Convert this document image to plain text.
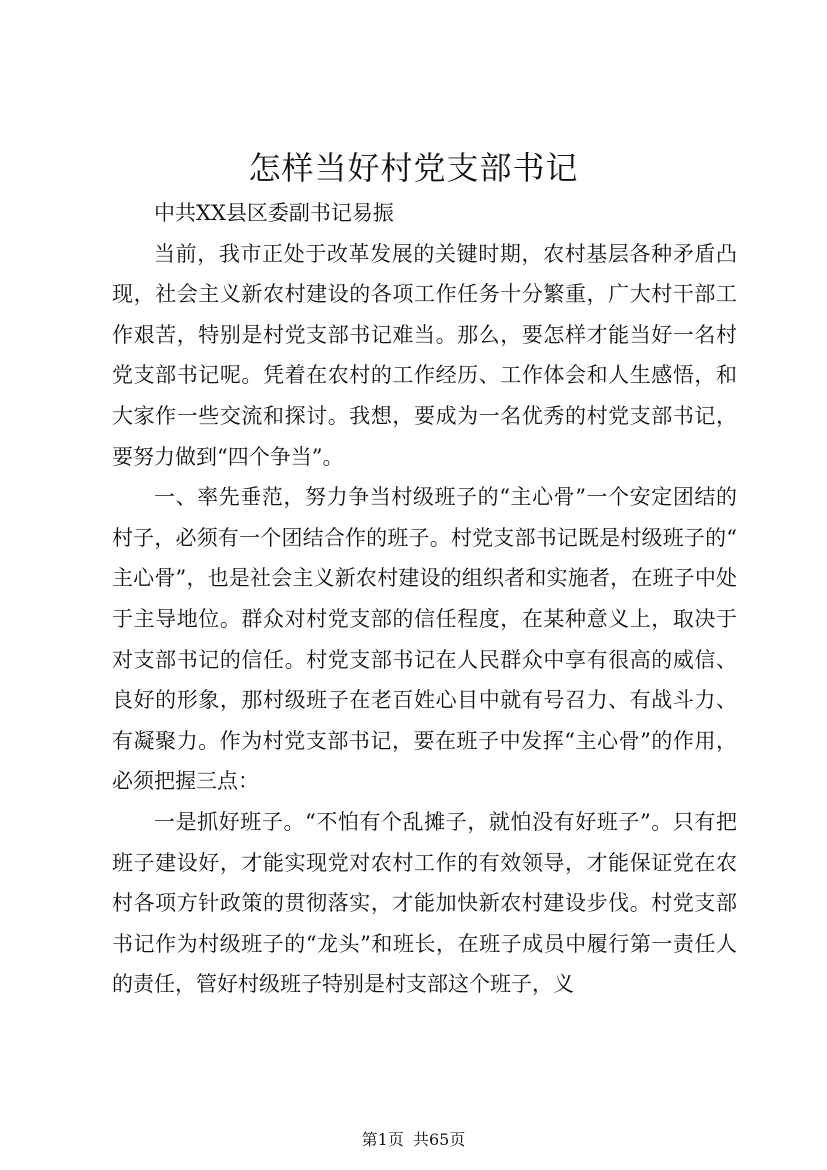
怎样当好村党支部书记

中共XX县区委副书记易振

当前，我市正处于改革发展的关键时期，农村基层各种矛盾凸现，社会主义新农村建设的各项工作任务十分繁重，广大村干部工作艰苦，特别是村党支部书记难当。那么，要怎样才能当好一名村党支部书记呢。凭着在农村的工作经历、工作体会和人生感悟，和大家作一些交流和探讨。我想，要成为一名优秀的村党支部书记，要努力做到“四个争当”。

一、率先垂范，努力争当村级班子的“主心骨”一个安定团结的村子，必须有一个团结合作的班子。村党支部书记既是村级班子的“主心骨”，也是社会主义新农村建设的组织者和实施者，在班子中处于主导地位。群众对村党支部的信任程度，在某种意义上，取决于对支部书记的信任。村党支部书记在人民群众中享有很高的威信、良好的形象，那村级班子在老百姓心目中就有号召力、有战斗力、有凝聚力。作为村党支部书记，要在班子中发挥“主心骨”的作用，必须把握三点：

一是抓好班子。“不怕有个乱摊子，就怕没有好班子”。只有把班子建设好，才能实现党对农村工作的有效领导，才能保证党在农村各项方针政策的贯彻落实，才能加快新农村建设步伐。村党支部书记作为村级班子的“龙头”和班长，在班子成员中履行第一责任人的责任，管好村级班子特别是村支部这个班子，义

第1页 共65页
